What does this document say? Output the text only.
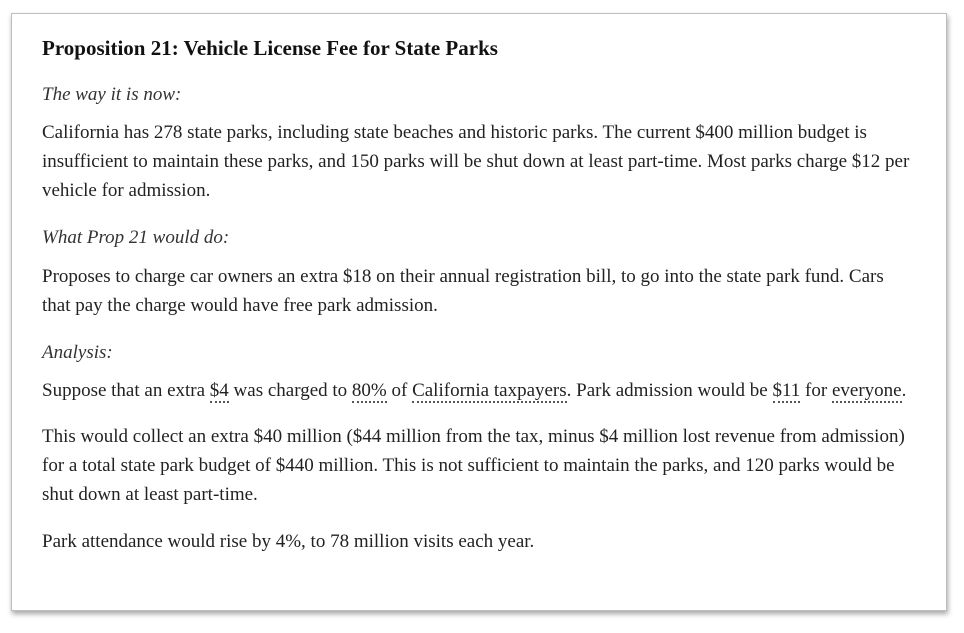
Proposition 21: Vehicle License Fee for State Parks

The way it is now:

California has 278 state parks, including state beaches and historic parks. The current $400 million budget is insufficient to maintain these parks, and 150 parks will be shut down at least part-time. Most parks charge $12 per vehicle for admission.

What Prop 21 would do:

Proposes to charge car owners an extra $18 on their annual registration bill, to go into the state park fund. Cars that pay the charge would have free park admission.

Analysis:

Suppose that an extra $4 was charged to 80% of California taxpayers. Park admission would be $11 for everyone.

This would collect an extra $40 million ($44 million from the tax, minus $4 million lost revenue from admission) for a total state park budget of $440 million. This is not sufficient to maintain the parks, and 120 parks would be shut down at least part-time.

Park attendance would rise by 4%, to 78 million visits each year.
